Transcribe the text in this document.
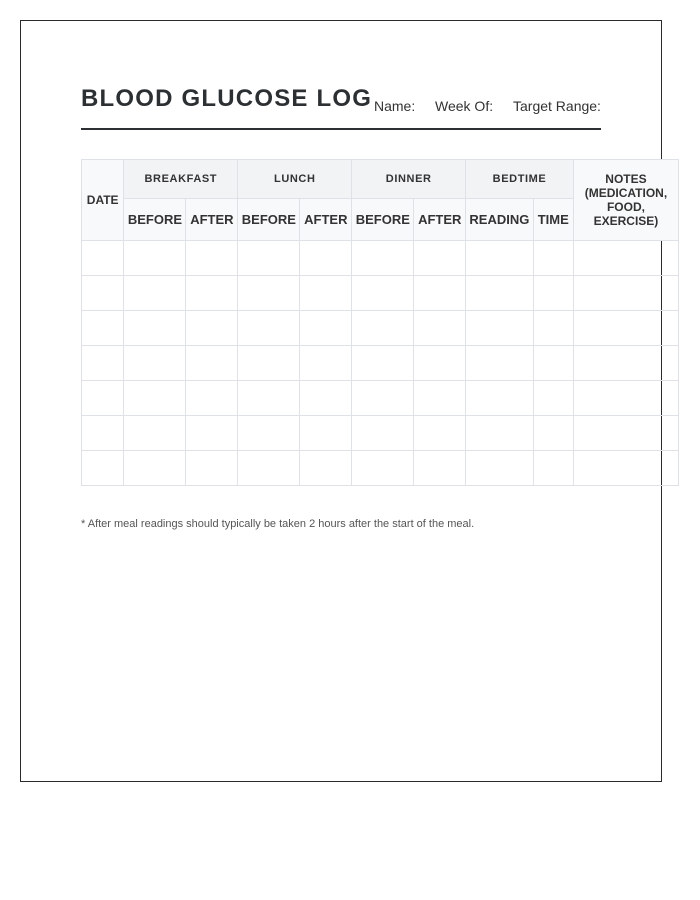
BLOOD GLUCOSE LOG Name: Week Of: Target Range:
DATE	BREAKFAST		LUNCH		DINNER		BEDTIME		NOTES (MEDICATION, FOOD, EXERCISE)
	BEFORE	AFTER	BEFORE	AFTER	BEFORE	AFTER	READING	TIME	

* After meal readings should typically be taken 2 hours after the start of the meal.
